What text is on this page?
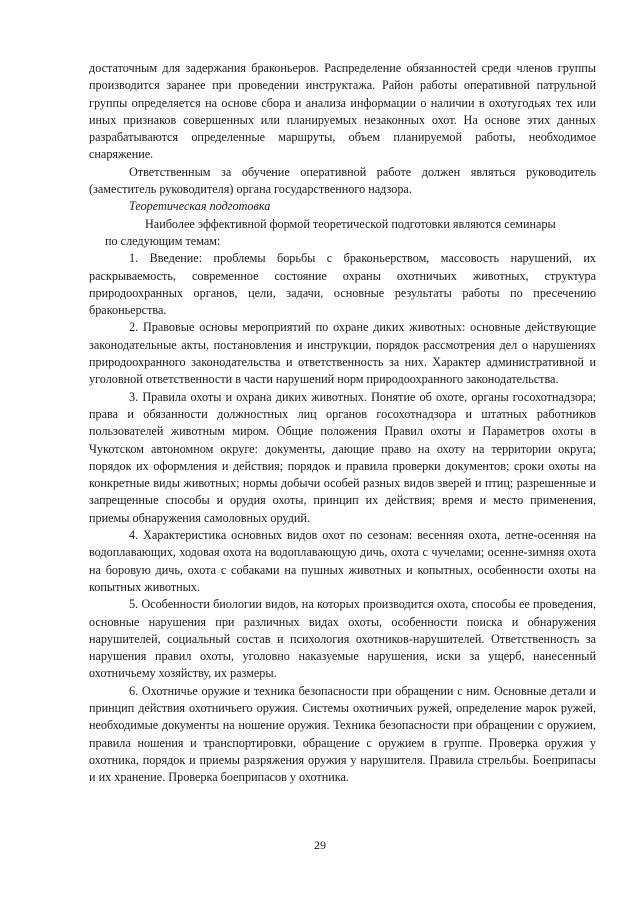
достаточным для задержания браконьеров. Распределение обязанностей среди членов группы производится заранее при проведении инструктажа. Район работы оперативной патрульной группы определяется на основе сбора и анализа информации о наличии в охотугодьях тех или иных признаков совершенных или планируемых незаконных охот. На основе этих данных разрабатываются определенные маршруты, объем планируемой работы, необходимое снаряжение.

Ответственным за обучение оперативной работе должен являться руководитель (заместитель руководителя) органа государственного надзора.

Теоретическая подготовка

Наиболее эффективной формой теоретической подготовки являются семинары

по следующим темам:

1. Введение: проблемы борьбы с браконьерством, массовость нарушений, их раскрываемость, современное состояние охраны охотничьих животных, структура природоохранных органов, цели, задачи, основные результаты работы по пресечению браконьерства.

2. Правовые основы мероприятий по охране диких животных: основные действующие законодательные акты, постановления и инструкции, порядок рассмотрения дел о нарушениях природоохранного законодательства и ответственность за них. Характер административной и уголовной ответственности в части нарушений норм природоохранного законодательства.

3. Правила охоты и охрана диких животных. Понятие об охоте, органы госохотнадзора; права и обязанности должностных лиц органов госохотнадзора и штатных работников пользователей животным миром. Общие положения Правил охоты и Параметров охоты в Чукотском автономном округе: документы, дающие право на охоту на территории округа; порядок их оформления и действия; порядок и правила проверки документов; сроки охоты на конкретные виды животных; нормы добычи особей разных видов зверей и птиц; разрешенные и запрещенные способы и орудия охоты, принцип их действия; время и место применения, приемы обнаружения самоловных орудий.

4. Характеристика основных видов охот по сезонам: весенняя охота, летне-осенняя на водоплавающих, ходовая охота на водоплавающую дичь, охота с чучелами; осенне-зимняя охота на боровую дичь, охота с собаками на пушных животных и копытных, особенности охоты на копытных животных.

5. Особенности биологии видов, на которых производится охота, способы ее проведения, основные нарушения при различных видах охоты, особенности поиска и обнаружения нарушителей, социальный состав и психология охотников-нарушителей. Ответственность за нарушения правил охоты, уголовно наказуемые нарушения, иски за ущерб, нанесенный охотничьему хозяйству, их размеры.

6. Охотничье оружие и техника безопасности при обращении с ним. Основные детали и принцип действия охотничьего оружия. Системы охотничьих ружей, определение марок ружей, необходимые документы на ношение оружия. Техника безопасности при обращении с оружием, правила ношения и транспортировки, обращение с оружием в группе. Проверка оружия у охотника, порядок и приемы разряжения оружия у нарушителя. Правила стрельбы. Боеприпасы и их хранение. Проверка боеприпасов у охотника.

29
